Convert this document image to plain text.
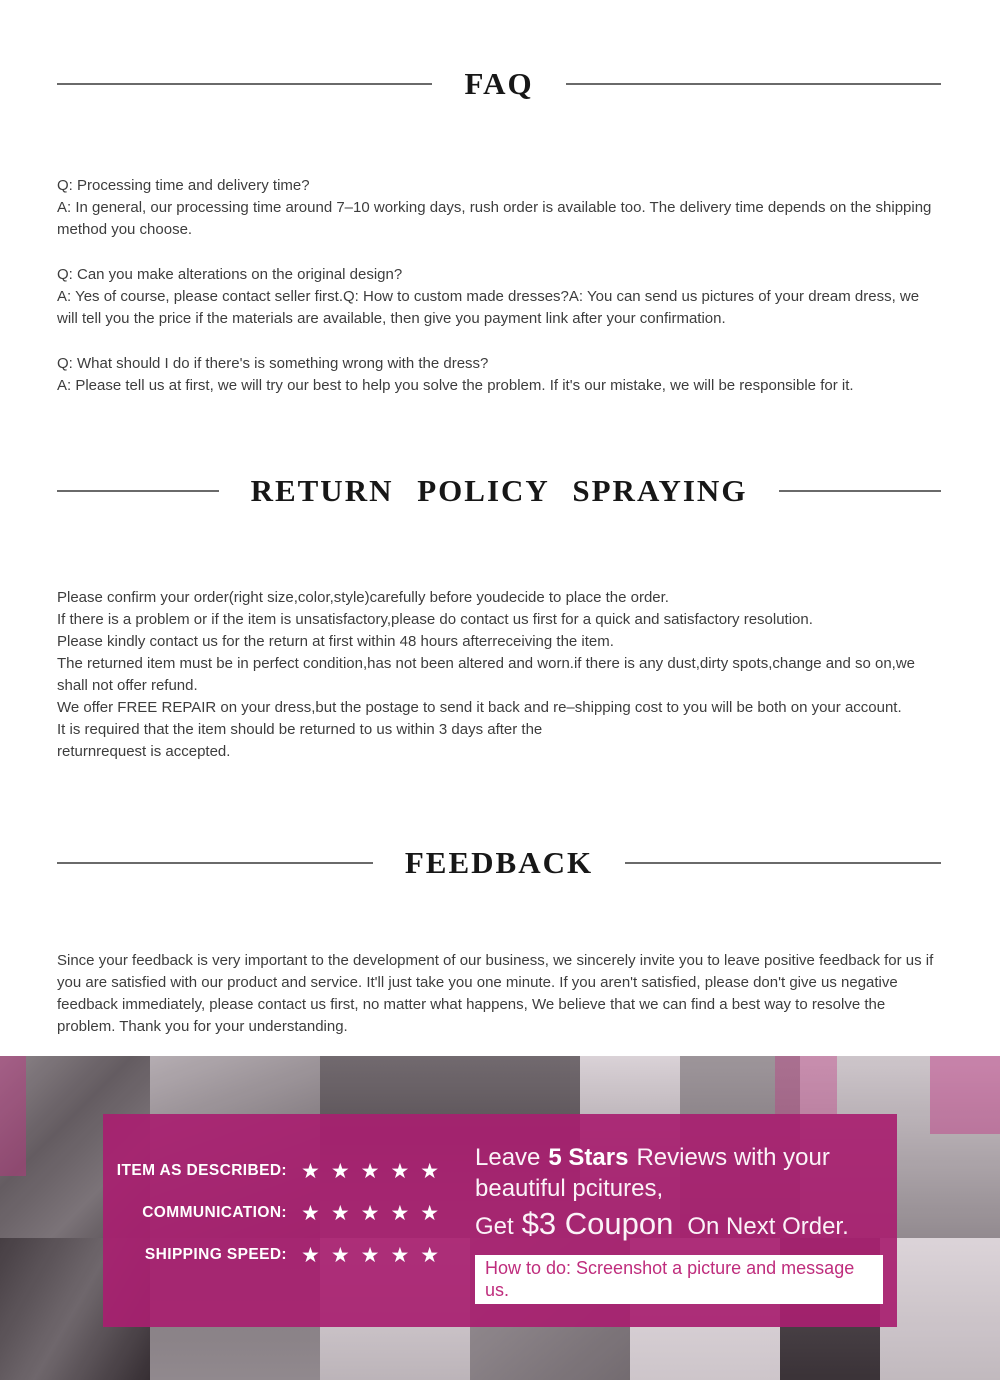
FAQ
Q: Processing time and delivery time?
A: In general, our processing time around 7–10 working days, rush order is available too. The delivery time depends on the shipping method you choose.
Q: Can you make alterations on the original design?
A: Yes of course, please contact seller first.Q: How to custom made dresses?A: You can send us pictures of your dream dress, we will tell you the price if the materials are available, then give you payment link after your confirmation.
Q: What should I do if there's is something wrong with the dress?
A: Please tell us at first, we will try our best to help you solve the problem. If it's our mistake, we will be responsible for it.
RETURN POLICY SPRAYING
Please confirm your order(right size,color,style)carefully before youdecide to place the order.
If there is a problem or if the item is unsatisfactory,please do contact us first for a quick and satisfactory resolution.
Please kindly contact us for the return at first within 48 hours afterreceiving the item.
The returned item must be in perfect condition,has not been altered and worn.if there is any dust,dirty spots,change and so on,we shall not offer refund.
We offer FREE REPAIR on your dress,but the postage to send it back and re–shipping cost to you will be both on your account.
It is required that the item should be returned to us within 3 days after the
returnrequest is accepted.
FEEDBACK

Since your feedback is very important to the development of our business, we sincerely invite you to leave positive feedback for us if you are satisfied with our product and service. It'll just take you one minute. If you aren't satisfied, please don't give us negative feedback immediately, please contact us first, no matter what happens, We believe that we can find a best way to resolve the problem. Thank you for your understanding.

ITEM AS DESCRIBED: ★★★★★
COMMUNICATION: ★★★★★
SHIPPING SPEED: ★★★★★
Leave 5 Stars Reviews with your
beautiful pcitures,
Get $3 Coupon On Next Order.
How to do: Screenshot a picture and message us.
